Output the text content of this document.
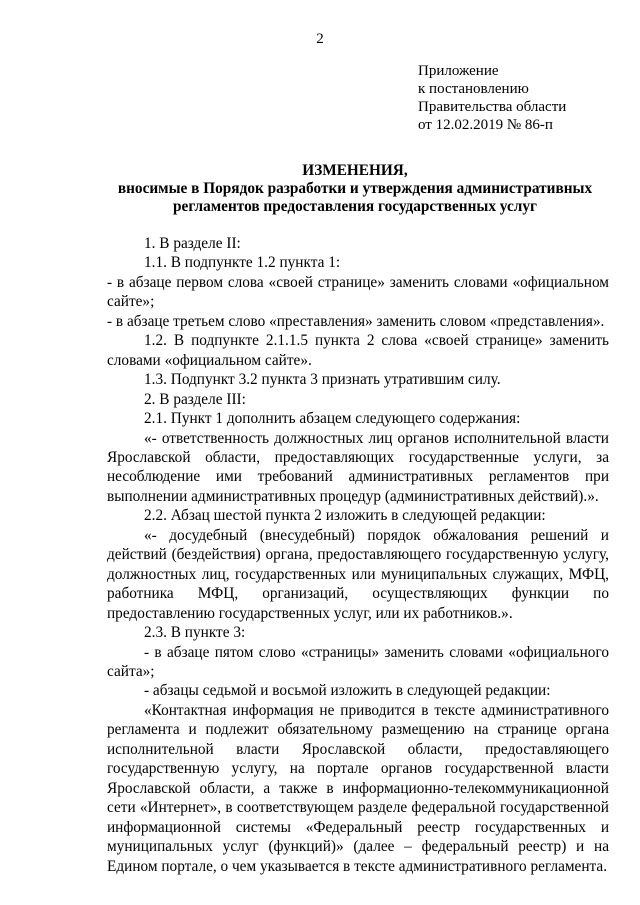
2
Приложение
к постановлению
Правительства области
от 12.02.2019 № 86-п
ИЗМЕНЕНИЯ,
вносимые в Порядок разработки и утверждения административных
регламентов предоставления государственных услуг

1. В разделе II:

1.1. В подпункте 1.2 пункта 1:

- в абзаце первом слова «своей странице» заменить словами «официальном сайте»;

- в абзаце третьем слово «преставления» заменить словом «представления».

1.2. В подпункте 2.1.1.5 пункта 2 слова «своей странице» заменить словами «официальном сайте».

1.3. Подпункт 3.2 пункта 3 признать утратившим силу.

2. В разделе III:

2.1. Пункт 1 дополнить абзацем следующего содержания:

«- ответственность должностных лиц органов исполнительной власти Ярославской области, предоставляющих государственные услуги, за несоблюдение ими требований административных регламентов при выполнении административных процедур (административных действий).».

2.2. Абзац шестой пункта 2 изложить в следующей редакции:

«- досудебный (внесудебный) порядок обжалования решений и действий (бездействия) органа, предоставляющего государственную услугу, должностных лиц, государственных или муниципальных служащих, МФЦ, работника МФЦ, организаций, осуществляющих функции по предоставлению государственных услуг, или их работников.».

2.3. В пункте 3:

- в абзаце пятом слово «страницы» заменить словами «официального сайта»;

- абзацы седьмой и восьмой изложить в следующей редакции:

«Контактная информация не приводится в тексте административного регламента и подлежит обязательному размещению на странице органа исполнительной власти Ярославской области, предоставляющего государственную услугу, на портале органов государственной власти Ярославской области, а также в информационно-телекоммуникационной сети «Интернет», в соответствующем разделе федеральной государственной информационной системы «Федеральный реестр государственных и муниципальных услуг (функций)» (далее – федеральный реестр) и на Едином портале, о чем указывается в тексте административного регламента.
